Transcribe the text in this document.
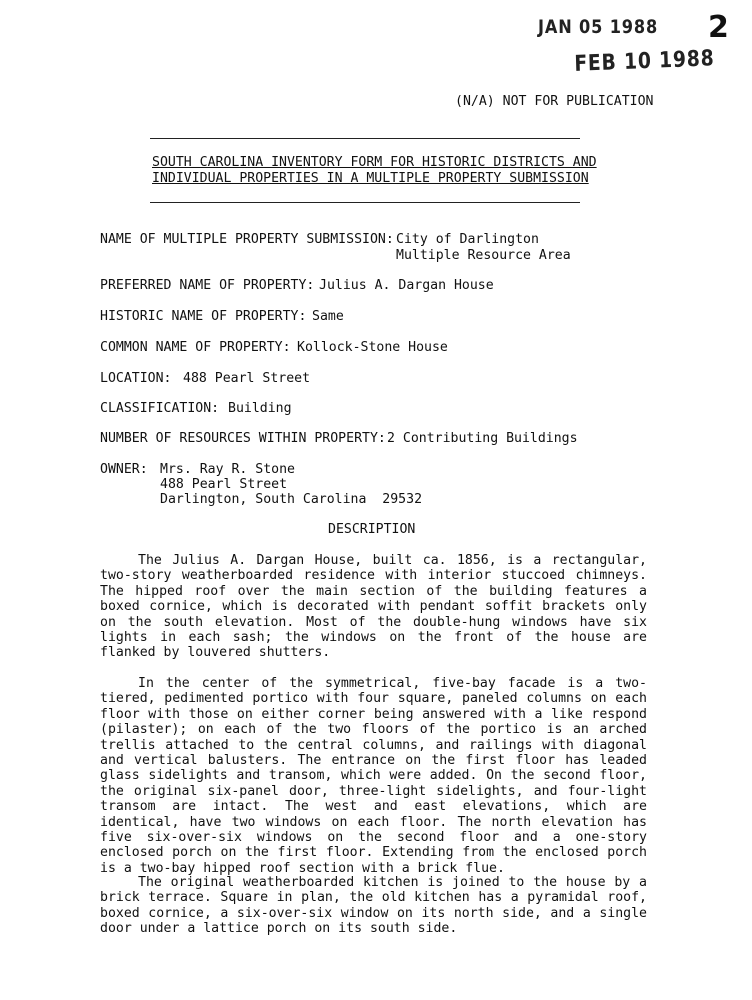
JAN 05 1988
FEB 10 1988
2
(N/A) NOT FOR PUBLICATION
SOUTH CAROLINA INVENTORY FORM FOR HISTORIC DISTRICTS AND
INDIVIDUAL PROPERTIES IN A MULTIPLE PROPERTY SUBMISSION
NAME OF MULTIPLE PROPERTY SUBMISSION: City of Darlington
Multiple Resource Area
PREFERRED NAME OF PROPERTY: Julius A. Dargan House
HISTORIC NAME OF PROPERTY: Same
COMMON NAME OF PROPERTY: Kollock-Stone House
LOCATION: 488 Pearl Street
CLASSIFICATION: Building
NUMBER OF RESOURCES WITHIN PROPERTY: 2 Contributing Buildings
OWNER: Mrs. Ray R. Stone
488 Pearl Street
Darlington, South Carolina  29532
DESCRIPTION
The Julius A. Dargan House, built ca. 1856, is a rectangular, two-story weatherboarded residence with interior stuccoed chimneys. The hipped roof over the main section of the building features a boxed cornice, which is decorated with pendant soffit brackets only on the south elevation. Most of the double-hung windows have six lights in each sash; the windows on the front of the house are flanked by louvered shutters.
In the center of the symmetrical, five-bay facade is a two-tiered, pedimented portico with four square, paneled columns on each floor with those on either corner being answered with a like respond (pilaster); on each of the two floors of the portico is an arched trellis attached to the central columns, and railings with diagonal and vertical balusters. The entrance on the first floor has leaded glass sidelights and transom, which were added. On the second floor, the original six-panel door, three-light sidelights, and four-light transom are intact. The west and east elevations, which are identical, have two windows on each floor. The north elevation has five six-over-six windows on the second floor and a one-story enclosed porch on the first floor. Extending from the enclosed porch is a two-bay hipped roof section with a brick flue.
The original weatherboarded kitchen is joined to the house by a brick terrace. Square in plan, the old kitchen has a pyramidal roof, boxed cornice, a six-over-six window on its north side, and a single door under a lattice porch on its south side.
